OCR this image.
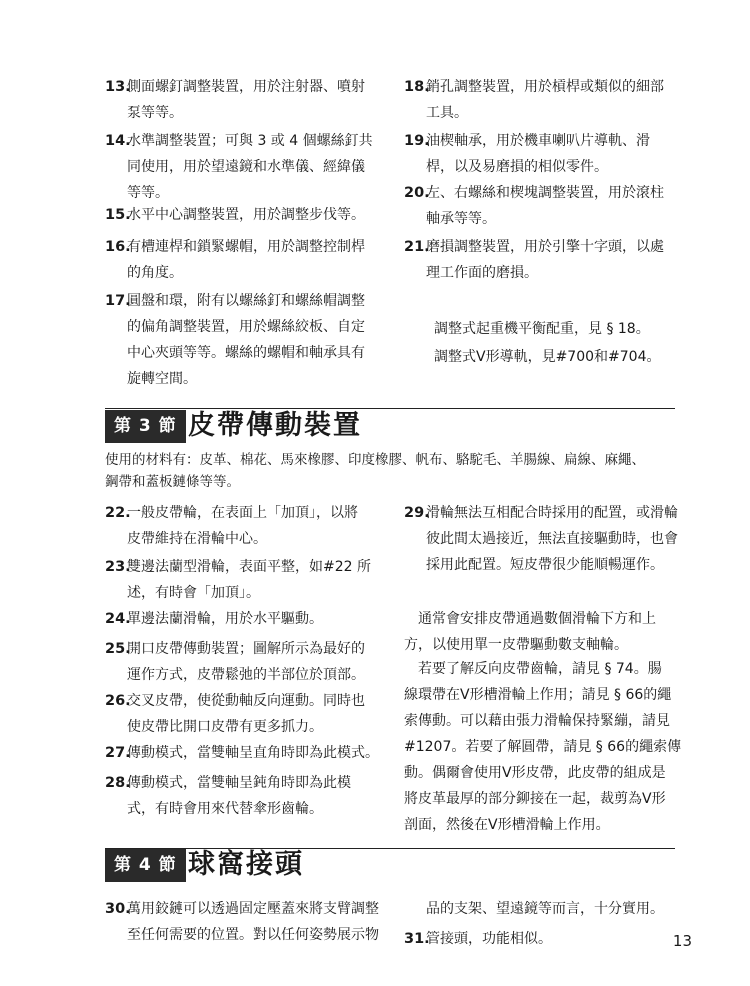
13.
側面螺釘調整裝置，用於注射器、噴射
泵等等。
14.
水準調整裝置；可與 3 或 4 個螺絲釘共
同使用，用於望遠鏡和水準儀、經緯儀
等等。
15.
水平中心調整裝置，用於調整步伐等。
16.
有槽連桿和鎖緊螺帽，用於調整控制桿
的角度。
17.
圓盤和環，附有以螺絲釘和螺絲帽調整
的偏角調整裝置，用於螺絲絞板、自定
中心夾頭等等。螺絲的螺帽和軸承具有
旋轉空間。
18.
銷孔調整裝置，用於槓桿或類似的細部
工具。
19.
油楔軸承，用於機車喇叭片導軌、滑
桿，以及易磨損的相似零件。
20.
左、右螺絲和楔塊調整裝置，用於滾柱
軸承等等。
21.
磨損調整裝置，用於引擎十字頭，以處
理工作面的磨損。
調整式起重機平衡配重，見 § 18。
調整式V形導軌，見#700和#704。
第 3 節 皮帶傳動裝置
使用的材料有：皮革、棉花、馬來橡膠、印度橡膠、帆布、駱駝毛、羊腸線、扁線、麻繩、
鋼帶和蓋板鏈條等等。
22.
一般皮帶輪，在表面上「加頂」，以將
皮帶維持在滑輪中心。
23.
雙邊法蘭型滑輪，表面平整，如#22 所
述，有時會「加頂」。
24.
單邊法蘭滑輪，用於水平驅動。
25.
開口皮帶傳動裝置；圖解所示為最好的
運作方式，皮帶鬆弛的半部位於頂部。
26.
交叉皮帶，使從動軸反向運動。同時也
使皮帶比開口皮帶有更多抓力。
27.
傳動模式，當雙軸呈直角時即為此模式。
28.
傳動模式，當雙軸呈鈍角時即為此模
式，有時會用來代替傘形齒輪。
29.
滑輪無法互相配合時採用的配置，或滑輪
彼此間太過接近，無法直接驅動時，也會
採用此配置。短皮帶很少能順暢運作。
　通常會安排皮帶通過數個滑輪下方和上
方，以使用單一皮帶驅動數支軸輪。
　若要了解反向皮帶齒輪，請見 § 74。腸
線環帶在V形槽滑輪上作用；請見 § 66的繩
索傳動。可以藉由張力滑輪保持緊繃，請見
#1207。若要了解圓帶，請見 § 66的繩索傳
動。偶爾會使用V形皮帶，此皮帶的組成是
將皮革最厚的部分鉚接在一起，裁剪為V形
剖面，然後在V形槽滑輪上作用。
第 4 節 球窩接頭
30.
萬用鉸鏈可以透過固定壓蓋來將支臂調整
至任何需要的位置。對以任何姿勢展示物
品的支架、望遠鏡等而言，十分實用。
31.
管接頭，功能相似。	13
